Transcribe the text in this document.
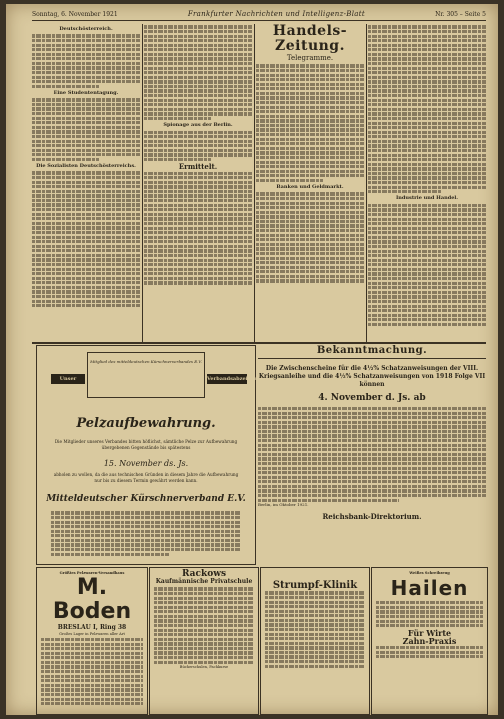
Sonntag, 6. November 1921	Frankfurter Nachrichten und Intelligenz-Blatt	Nr. 305 – Seite 5
Deutschösterreich.
Eine Studententagung.
Die Sozialisten Deutschösterreichs.
Spionage aus der Berlin.
Ermittelt.
Handels-Zeitung.
Telegramme.
Banken und Geldmarkt.
Industrie und Handel.
Unser
Mitglied des mitteldeutschen Kürschnerverbandes E.V.
Verbandsabzeichen
Pelzaufbewahrung.
Die Mitglieder unseres Verbandes bitten höflichst, sämtliche Pelze zur Aufbewahrung übergebenen Gegenstände bis spätestens
15. November ds. Js.
abholen zu wollen, da die aus technischen Gründen in diesem Jahre die Aufbewahrung nur bis zu diesem Termin gewährt werden kann.
Mitteldeutscher Kürschnerverband E.V.
Bekanntmachung.
Die Zwischenscheine für die 4½% Schatzanweisungen der VIII. Kriegsanleihe und die 4½% Schatzanweisungen von 1918 Folge VII können
4. November d. Js. ab
Berlin, im Oktober 1921.
Reichsbank-Direktorium.
Größtes Pelzwaren-Versandhaus
M. Boden
BRESLAU I, Ring 38
Großes Lager in Pelzwaren aller Art
Rackows
Kaufmännische Privatschule
Bücherschulen, Fachkurse
Strumpf-Klinik
Weißes Schreibzeug
Hailen
Für Wirte
Zahn-Praxis
